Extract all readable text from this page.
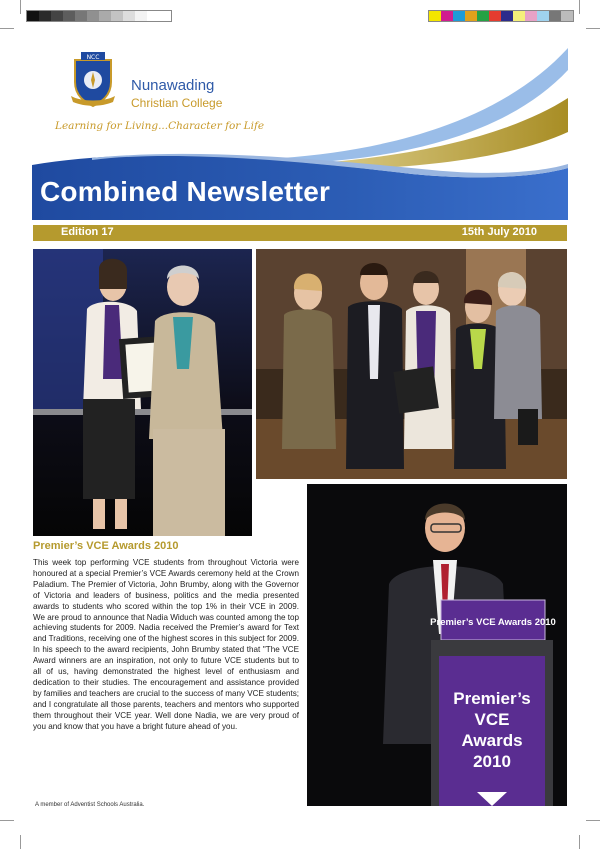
NCC
Nunawading
Christian College
Learning for Living...Character for Life
Combined Newsletter
Edition 17	15th July 2010
Premier’s VCE Awards 2010
Premier’s
VCE
Awards
2010
Premier’s VCE Awards 2010
This week top performing VCE students from throughout Victoria were honoured at a special Premier’s VCE Awards ceremony held at the Crown Paladium. The Premier of Victoria, John Brumby, along with the Governor of Victoria and leaders of business, politics and the media presented awards to students who scored within the top 1% in their VCE in 2009. We are proud to announce that Nadia Widuch was counted among the top achieving students for 2009. Nadia received the Premier’s award for Text and Traditions, receiving one of the highest scores in this subject for 2009. In his speech to the award recipients, John Brumby stated that "The VCE Award winners are an inspiration, not only to future VCE students but to all of us, having demonstrated the highest level of enthusiasm and dedication to their studies. The encouragement and assistance provided by families and teachers are crucial to the success of many VCE students; and I congratulate all those parents, teachers and mentors who supported them throughout their VCE year. Well done Nadia, we are very proud of you and know that you have a bright future ahead of you.
A member of Adventist Schools Australia.
